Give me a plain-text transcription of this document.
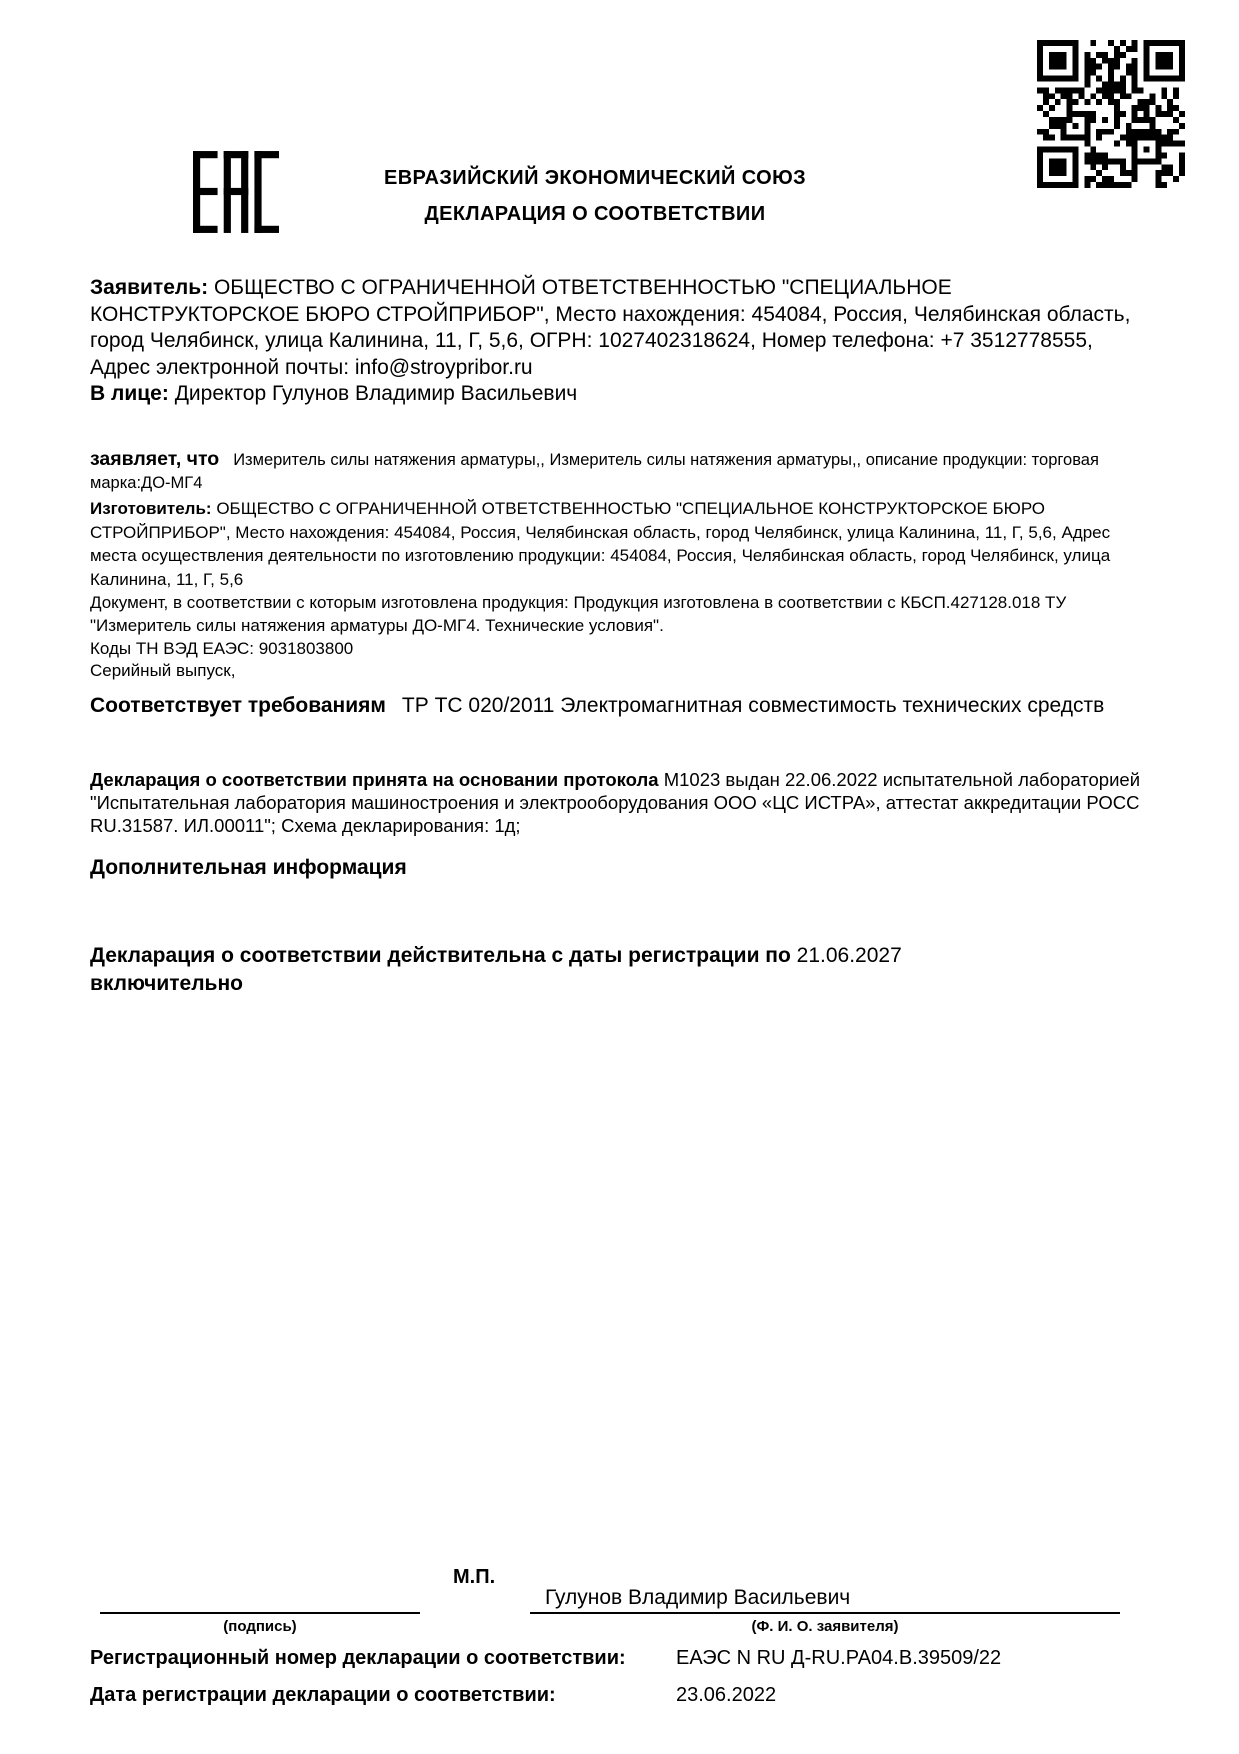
ЕВРАЗИЙСКИЙ ЭКОНОМИЧЕСКИЙ СОЮЗ
ДЕКЛАРАЦИЯ О СООТВЕТСТВИИ

Заявитель: ОБЩЕСТВО С ОГРАНИЧЕННОЙ ОТВЕТСТВЕННОСТЬЮ "СПЕЦИАЛЬНОЕ КОНСТРУКТОРСКОЕ БЮРО СТРОЙПРИБОР", Место нахождения: 454084, Россия, Челябинская область, город Челябинск, улица Калинина, 11, Г, 5,6, ОГРН: 1027402318624, Номер телефона: +7 3512778555, Адрес электронной почты: info@stroypribor.ru

В лице: Директор Гулунов Владимир Васильевич

заявляет, что Измеритель силы натяжения арматуры,, Измеритель силы натяжения арматуры,, описание продукции: торговая марка:ДО-МГ4

Изготовитель: ОБЩЕСТВО С ОГРАНИЧЕННОЙ ОТВЕТСТВЕННОСТЬЮ "СПЕЦИАЛЬНОЕ КОНСТРУКТОРСКОЕ БЮРО СТРОЙПРИБОР", Место нахождения: 454084, Россия, Челябинская область, город Челябинск, улица Калинина, 11, Г, 5,6, Адрес места осуществления деятельности по изготовлению продукции: 454084, Россия, Челябинская область, город Челябинск, улица Калинина, 11, Г, 5,6

Документ, в соответствии с которым изготовлена продукция: Продукция изготовлена в соответствии с КБСП.427128.018 ТУ "Измеритель силы натяжения арматуры ДО-МГ4. Технические условия".

Коды ТН ВЭД ЕАЭС: 9031803800

Серийный выпуск,

Соответствует требованиям ТР ТС 020/2011 Электромагнитная совместимость технических средств

Декларация о соответствии принята на основании протокола М1023 выдан 22.06.2022 испытательной лабораторией "Испытательная лаборатория машиностроения и электрооборудования ООО «ЦС ИСТРА», аттестат аккредитации РОСС RU.31587. ИЛ.00011"; Схема декларирования: 1д;

Дополнительная информация

Декларация о соответствии действительна с даты регистрации по 21.06.2027
включительно

М.П.
Гулунов Владимир Васильевич
(подпись)	(Ф. И. О. заявителя)
Регистрационный номер декларации о соответствии:	ЕАЭС N RU Д-RU.РА04.В.39509/22
Дата регистрации декларации о соответствии:	23.06.2022
